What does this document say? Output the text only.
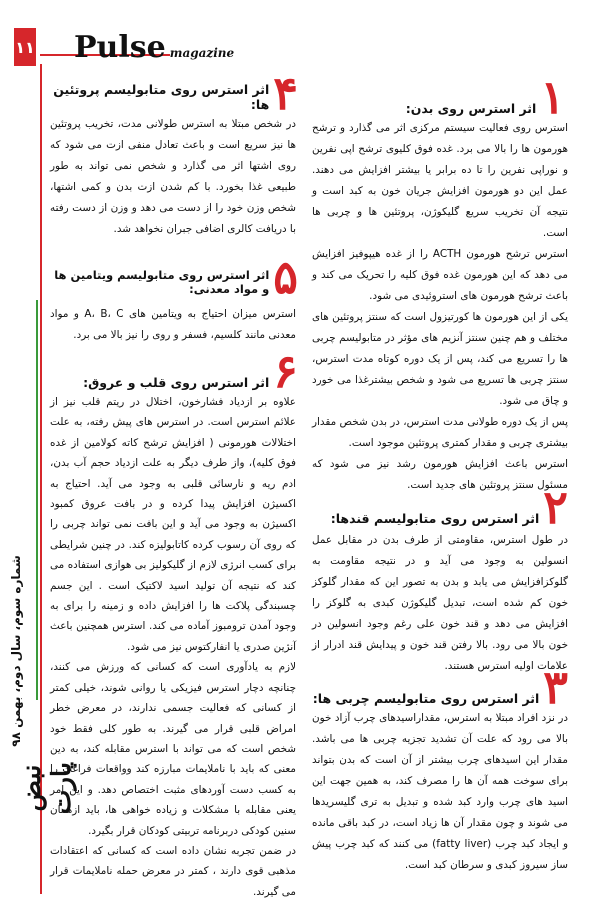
١١
شماره سوم، سال دوم، بهمن ۹۸
نبض پارت
Pulse magazine
۱
اثر استرس روی بدن:

استرس روی فعالیت سیستم مرکزی اثر می گذارد و ترشح هورمون ها را بالا می برد. غده فوق کلیوی ترشح اپی نفرین و نوراپی نفرین را تا ده برابر یا بیشتر افزایش می دهند. عمل این دو هورمون افزایش جریان خون به کبد است و نتیجه آن تخریب سریع گلیکوژن، پروتئین ها و چربی ها است.

استرس ترشح هورمون ACTH را از غده هیپوفیز افزایش می دهد که این هورمون غده فوق کلیه را تحریک می کند و باعث ترشح هورمون های استروئیدی می شود.

یکی از این هورمون ها کورتیزول است که سنتز پروتئین های مختلف و هم چنین سنتز آنزیم های مؤثر در متابولیسم چربی ها را تسریع می کند، پس از یک دوره کوتاه مدت استرس، سنتز چربی ها تسریع می شود و شخص بیشترغذا می خورد و چاق می شود.

پس از یک دوره طولانی مدت استرس، در بدن شخص مقدار بیشتری چربی و مقدار کمتری پروتئین موجود است.

استرس باعث افزایش هورمون رشد نیز می شود که مسئول سنتز پروتئین های جدید است.

۲
اثر استرس روی متابولیسم قندها:

در طول استرس، مقاومتی از طرف بدن در مقابل عمل انسولین به وجود می آید و در نتیجه مقاومت به گلوکزافزایش می یابد و بدن به تصور این که مقدار گلوکز خون کم شده است، تبدیل گلیکوژن کبدی به گلوکز را افزایش می دهد و قند خون علی رغم وجود انسولین در خون بالا می رود. بالا رفتن قند خون و پیدایش قند ادرار از علامات اولیه استرس هستند.

۳
اثر استرس روی متابولیسم چربی ها:

در نزد افراد مبتلا به استرس، مقداراسیدهای چرب آزاد خون بالا می رود که علت آن تشدید تجزیه چربی ها می باشد. مقدار این اسیدهای چرب بیشتر از آن است که بدن بتواند برای سوخت همه آن ها را مصرف کند، به همین جهت این اسید های چرب وارد کبد شده و تبدیل به تری گلیسریدها می شوند و چون مقدار آن ها زیاد است، در کبد باقی مانده و ایجاد کبد چرب (fatty liver) می کنند که کبد چرب پیش ساز سیروز کبدی و سرطان کبد است.

۴
اثر استرس روی متابولیسم پروتئین ها:

در شخص مبتلا به استرس طولانی مدت، تخریب پروتئین ها نیز سریع است و باعث تعادل منفی ازت می شود که روی اشتها اثر می گذارد و شخص نمی تواند به طور طبیعی غذا بخورد. با کم شدن ازت بدن و کمی اشتها، شخص وزن خود را از دست می دهد و وزن از دست رفته با دریافت کالری اضافی جبران نخواهد شد.

۵
اثر استرس روی متابولیسم ویتامین ها و مواد معدنی:

استرس میزان احتیاج به ویتامین های A، B، C و مواد معدنی مانند کلسیم، فسفر و روی را نیز بالا می برد.

۶
اثر استرس روی قلب و عروق:

علاوه بر ازدیاد فشارخون، اختلال در ریتم قلب نیز از علائم استرس است. در استرس های پیش رفته، به علت اختلالات هورمونی ( افزایش ترشح کاته کولامین از غده فوق کلیه)، واز طرف دیگر به علت ازدیاد حجم آب بدن، ادم ریه و نارسائی قلبی به وجود می آید. احتیاج به اکسیژن افزایش پیدا کرده و در بافت عروق کمبود اکسیژن به وجود می آید و این بافت نمی تواند چربی را که روی آن رسوب کرده کاتابولیزه کند. در چنین شرایطی برای کسب انرژی لازم از گلیکولیز بی هوازی استفاده می کند که نتیجه آن تولید اسید لاکتیک است . این جسم چسبندگی پلاکت ها را افزایش داده و زمینه را برای به وجود آمدن ترومبوز آماده می کند. استرس همچنین باعث آنژین صدری یا انفارکتوس نیز می شود.

لازم به یادآوری است که کسانی که ورزش می کنند، چنانچه دچار استرس فیزیکی یا روانی شوند، خیلی کمتر از کسانی که فعالیت جسمی ندارند، در معرض خطر امراض قلبی قرار می گیرند. به طور کلی فقط خود شخص است که می تواند با استرس مقابله کند، به دین معنی که باید با ناملایمات مبارزه کند وواقعات فراغت را به کسب دست آوردهای مثبت اختصاص دهد. و این امر یعنی مقابله با مشکلات و زیاده خواهی ها، باید ازهمان سنین کودکی دربرنامه تربیتی کودکان قرار بگیرد.

در ضمن تجربه نشان داده است که کسانی که اعتقادات مذهبی قوی دارند ، کمتر در معرض حمله ناملایمات قرار می گیرند.
